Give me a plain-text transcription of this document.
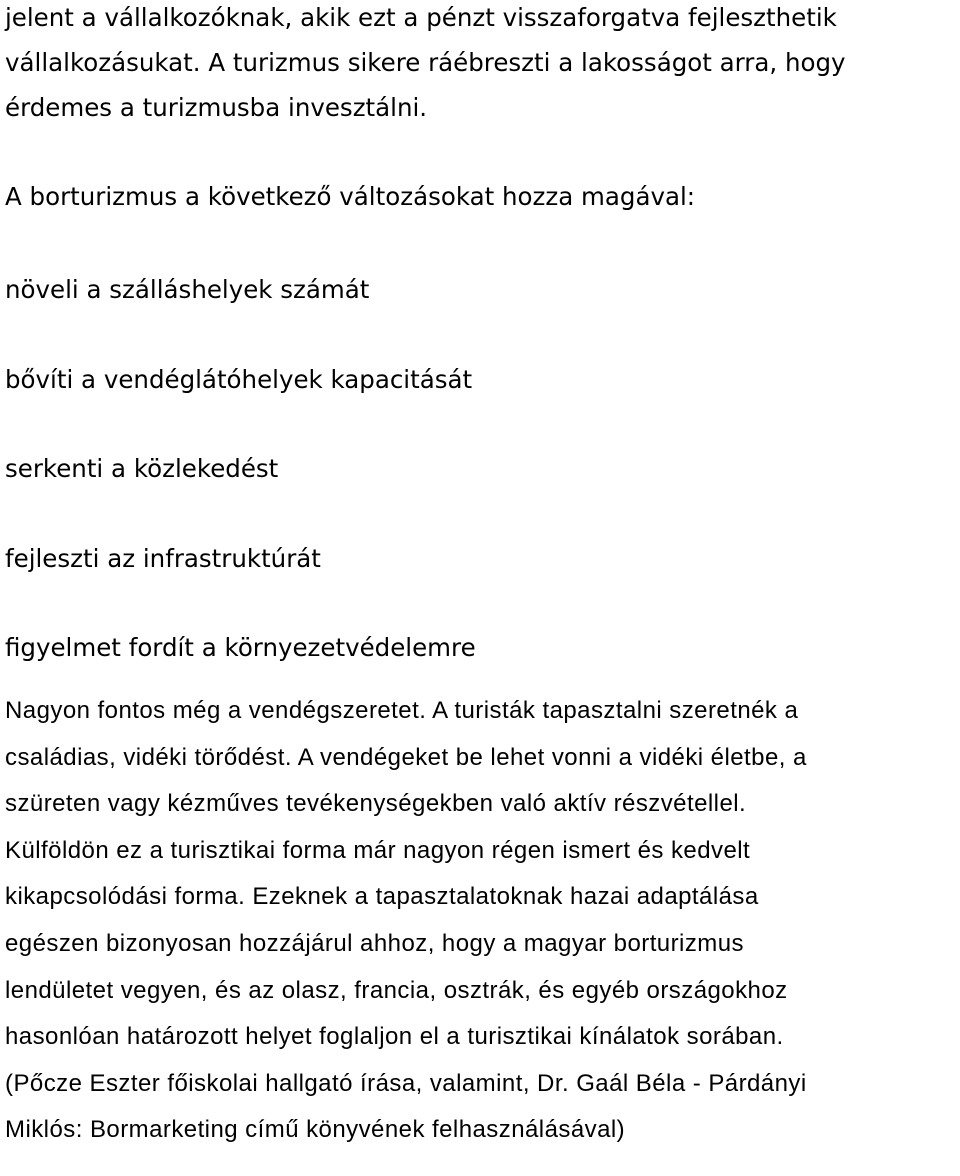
jelent a vállalkozóknak, akik ezt a pénzt visszaforgatva fejleszthetik
vállalkozásukat. A turizmus sikere ráébreszti a lakosságot arra, hogy
érdemes a turizmusba invesztálni.

A borturizmus a következő változásokat hozza magával:

növeli a szálláshelyek számát

bővíti a vendéglátóhelyek kapacitását

serkenti a közlekedést

fejleszti az infrastruktúrát

figyelmet fordít a környezetvédelemre

Nagyon fontos még a vendégszeretet. A turisták tapasztalni szeretnék a
családias, vidéki törődést. A vendégeket be lehet vonni a vidéki életbe, a
szüreten vagy kézműves tevékenységekben való aktív részvétellel.
Külföldön ez a turisztikai forma már nagyon régen ismert és kedvelt
kikapcsolódási forma. Ezeknek a tapasztalatoknak hazai adaptálása
egészen bizonyosan hozzájárul ahhoz, hogy a magyar borturizmus
lendületet vegyen, és az olasz, francia, osztrák, és egyéb országokhoz
hasonlóan határozott helyet foglaljon el a turisztikai kínálatok sorában.
(Pőcze Eszter főiskolai hallgató írása, valamint, Dr. Gaál Béla - Párdányi
Miklós: Bormarketing című könyvének felhasználásával)
